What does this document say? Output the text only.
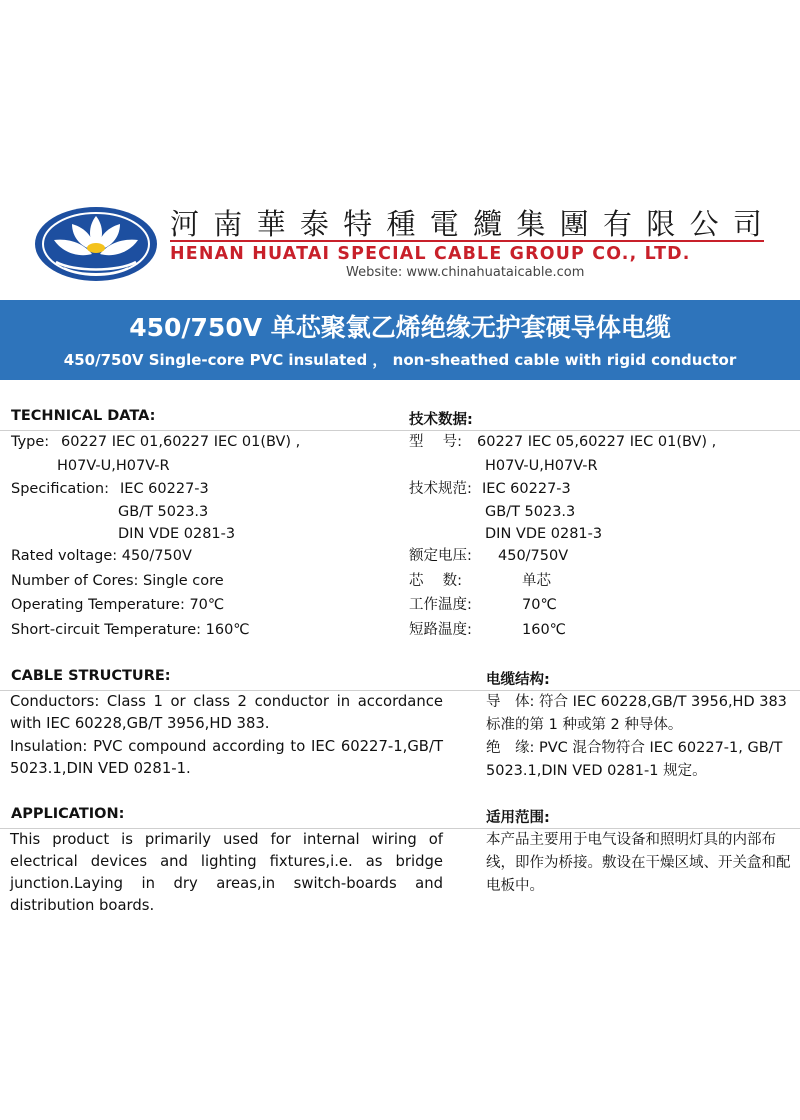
河 南 華 泰 特 種 電 纜 集 團 有 限 公 司
HENAN HUATAI SPECIAL CABLE GROUP CO., LTD.
Website: www.chinahuataicable.com
450/750V 单芯聚氯乙烯绝缘无护套硬导体电缆
450/750V Single-core PVC insulated ， non-sheathed cable with rigid conductor
TECHNICAL DATA:	技术数据:
Type: 60227 IEC 01,60227 IEC 01(BV) ,
H07V-U,H07V-R
Specification: IEC 60227-3
GB/T 5023.3
DIN VDE 0281-3
Rated voltage: 450/750V
Number of Cores: Single core
Operating Temperature: 70℃
Short-circuit Temperature: 160℃
型　 号: 60227 IEC 05,60227 IEC 01(BV) ,
H07V-U,H07V-R
技术规范: IEC 60227-3
GB/T 5023.3
DIN VDE 0281-3
额定电压: 450/750V
芯　 数:	单芯
工作温度:	70℃
短路温度:	160℃
CABLE STRUCTURE:	电缆结构:
Conductors: Class 1 or class 2 conductor in accordance with IEC 60228,GB/T 3956,HD 383.
Insulation: PVC compound according to IEC 60227-1,GB/T 5023.1,DIN VED 0281-1.
导　体: 符合 IEC 60228,GB/T 3956,HD 383 标准的第 1 种或第 2 种导体。
绝　缘: PVC 混合物符合 IEC 60227-1, GB/T 5023.1,DIN VED 0281-1 规定。
APPLICATION:	适用范围:
This product is primarily used for internal wiring of electrical devices and lighting fixtures,i.e. as bridge junction.Laying in dry areas,in switch-boards and distribution boards.
本产品主要用于电气设备和照明灯具的内部布线，即作为桥接。敷设在干燥区域、开关盒和配电板中。
